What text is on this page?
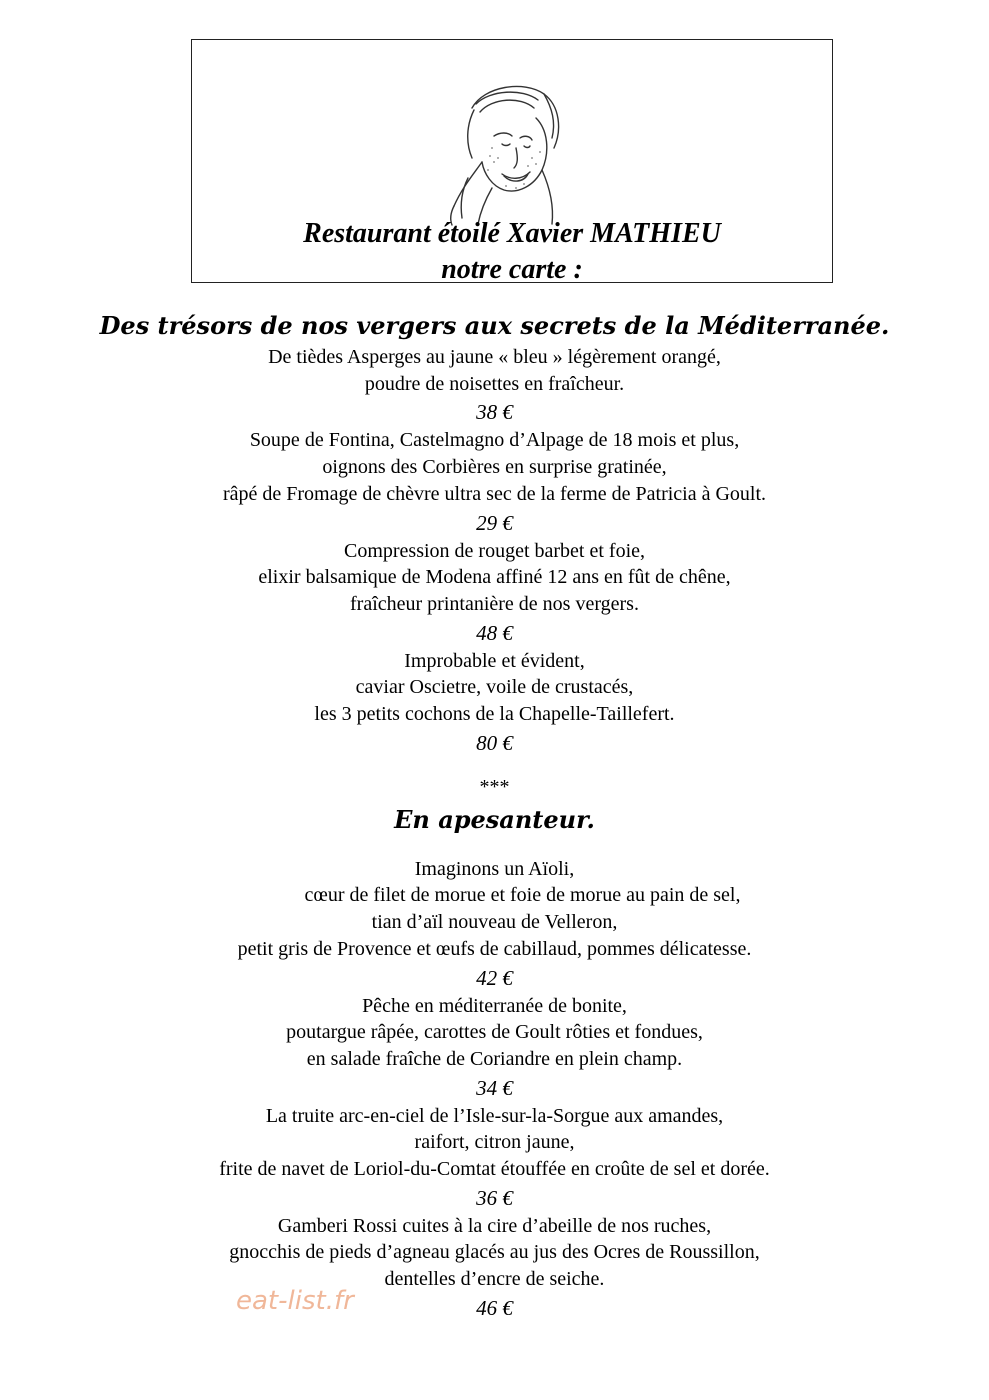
Restaurant étoilé Xavier MATHIEU
notre carte :
Des trésors de nos vergers aux secrets de la Méditerranée.

De tièdes Asperges au jaune « bleu » légèrement orangé,

poudre de noisettes en fraîcheur.

38 €

Soupe de Fontina, Castelmagno d’Alpage de 18 mois et plus,

oignons des Corbières en surprise gratinée,

râpé de Fromage de chèvre ultra sec de la ferme de Patricia à Goult.

29 €

Compression de rouget barbet et foie,

elixir balsamique de Modena affiné 12 ans en fût de chêne,

fraîcheur printanière de nos vergers.

48 €

Improbable et évident,

caviar Oscietre, voile de crustacés,

les 3 petits cochons de la Chapelle-Taillefert.

80 €

***

En apesanteur.

Imaginons un Aïoli,

cœur de filet de morue et foie de morue au pain de sel,

tian d’aïl nouveau de Velleron,

petit gris de Provence et œufs de cabillaud, pommes délicatesse.

42 €

Pêche en méditerranée de bonite,

poutargue râpée, carottes de Goult rôties et fondues,

en salade fraîche de Coriandre en plein champ.

34 €

La truite arc-en-ciel de l’Isle-sur-la-Sorgue aux amandes,

raifort, citron jaune,

frite de navet de Loriol-du-Comtat étouffée en croûte de sel et dorée.

36 €

Gamberi Rossi cuites à la cire d’abeille de nos ruches,

gnocchis de pieds d’agneau glacés au jus des Ocres de Roussillon,

dentelles d’encre de seiche.

46 €

eat-list.fr
